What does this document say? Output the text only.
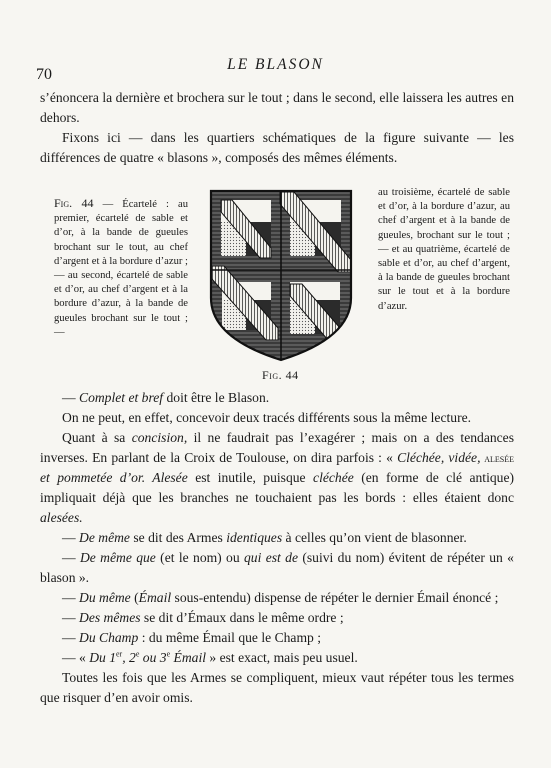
70
LE BLASON

s’énoncera la dernière et brochera sur le tout ; dans le second, elle laissera les autres en dehors.

Fixons ici — dans les quartiers schématiques de la figure suivante — les différences de quatre « blasons », composés des mêmes éléments.

Fig. 44 — Écartelé : au premier, écartelé de sable et d’or, à la bande de gueules brochant sur le tout, au chef d’argent et à la bordure d’azur ; — au second, écartelé de sable et d’or, au chef d’argent et à la bordure d’azur, à la bande de gueules brochant sur le tout ; —
au troisième, écartelé de sable et d’or, à la bordure d’azur, au chef d’argent et à la bande de gueules, brochant sur le tout ; — et au quatrième, écartelé de sable et d’or, au chef d’argent, à la bande de gueules brochant sur le tout et à la bordure d’azur.
Fig. 44

— Complet et bref doit être le Blason.

On ne peut, en effet, concevoir deux tracés différents sous la même lecture.

Quant à sa concision, il ne faudrait pas l’exagérer ; mais on a des tendances inverses. En parlant de la Croix de Toulouse, on dira parfois : « Cléchée, vidée, alesée et pommetée d’or. Alesée est inutile, puisque cléchée (en forme de clé antique) impliquait déjà que les branches ne touchaient pas les bords : elles étaient donc alesées.

— De même se dit des Armes identiques à celles qu’on vient de blasonner.

— De même que (et le nom) ou qui est de (suivi du nom) évitent de répéter un « blason ».

— Du même (Émail sous-entendu) dispense de répéter le dernier Émail énoncé ;

— Des mêmes se dit d’Émaux dans le même ordre ;

— Du Champ : du même Émail que le Champ ;

— « Du 1er, 2e ou 3e Émail » est exact, mais peu usuel.

Toutes les fois que les Armes se compliquent, mieux vaut répéter tous les termes que risquer d’en avoir omis.
